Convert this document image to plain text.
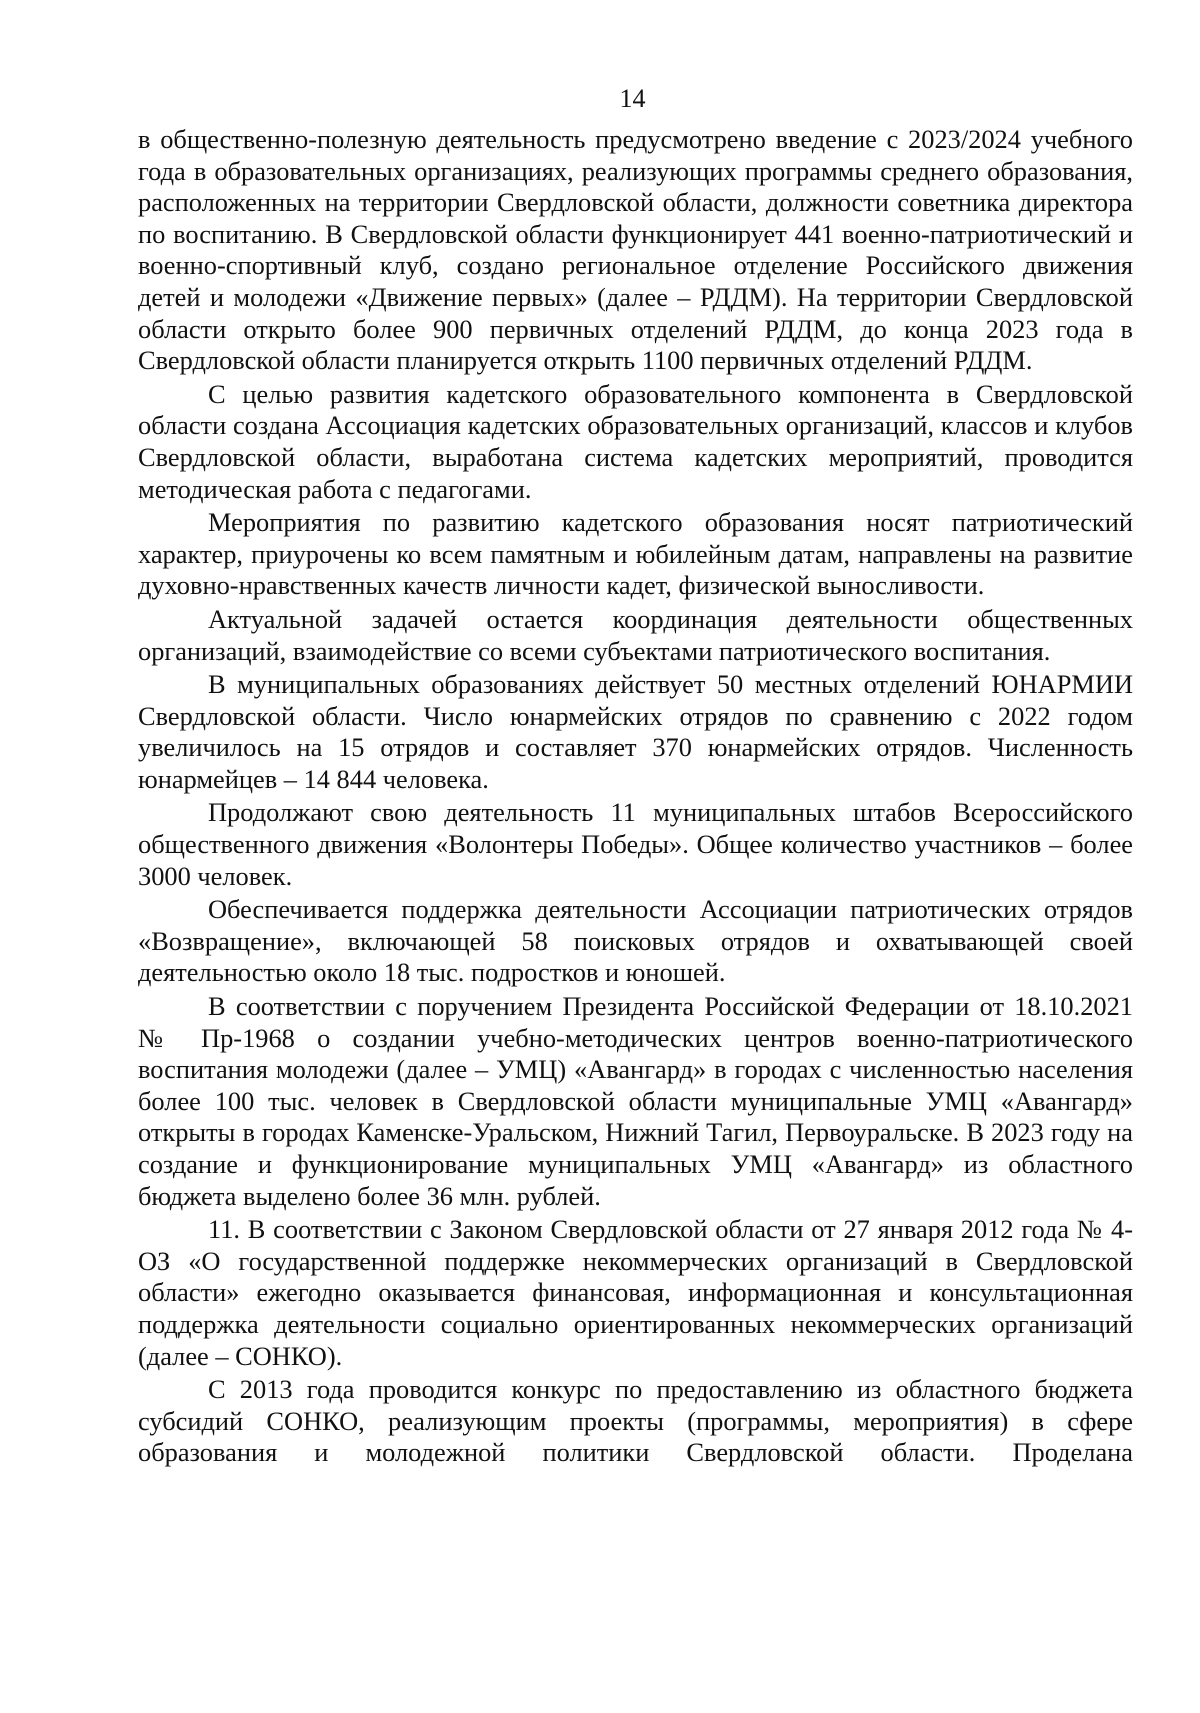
14

в общественно-полезную деятельность предусмотрено введение с 2023/2024 учебного года в образовательных организациях, реализующих программы среднего образования, расположенных на территории Свердловской области, должности советника директора по воспитанию. В Свердловской области функционирует 441 военно-патриотический и военно-спортивный клуб, создано региональное отделение Российского движения детей и молодежи «Движение первых» (далее – РДДМ). На территории Свердловской области открыто более 900 первичных отделений РДДМ, до конца 2023 года в Свердловской области планируется открыть 1100 первичных отделений РДДМ.

С целью развития кадетского образовательного компонента в Свердловской области создана Ассоциация кадетских образовательных организаций, классов и клубов Свердловской области, выработана система кадетских мероприятий, проводится методическая работа с педагогами.

Мероприятия по развитию кадетского образования носят патриотический характер, приурочены ко всем памятным и юбилейным датам, направлены на развитие духовно-нравственных качеств личности кадет, физической выносливости.

Актуальной задачей остается координация деятельности общественных организаций, взаимодействие со всеми субъектами патриотического воспитания.

В муниципальных образованиях действует 50 местных отделений ЮНАРМИИ Свердловской области. Число юнармейских отрядов по сравнению с 2022 годом увеличилось на 15 отрядов и составляет 370 юнармейских отрядов. Численность юнармейцев – 14 844 человека.

Продолжают свою деятельность 11 муниципальных штабов Всероссийского общественного движения «Волонтеры Победы». Общее количество участников – более 3000 человек.

Обеспечивается поддержка деятельности Ассоциации патриотических отрядов «Возвращение», включающей 58 поисковых отрядов и охватывающей своей деятельностью около 18 тыс. подростков и юношей.

В соответствии с поручением Президента Российской Федерации от 18.10.2021 № Пр-1968 о создании учебно-методических центров военно-патриотического воспитания молодежи (далее – УМЦ) «Авангард» в городах с численностью населения более 100 тыс. человек в Свердловской области муниципальные УМЦ «Авангард» открыты в городах Каменске-Уральском, Нижний Тагил, Первоуральске. В 2023 году на создание и функционирование муниципальных УМЦ «Авангард» из областного бюджета выделено более 36 млн. рублей.

11. В соответствии с Законом Свердловской области от 27 января 2012 года № 4-ОЗ «О государственной поддержке некоммерческих организаций в Свердловской области» ежегодно оказывается финансовая, информационная и консультационная поддержка деятельности социально ориентированных некоммерческих организаций (далее – СОНКО).

С 2013 года проводится конкурс по предоставлению из областного бюджета субсидий СОНКО, реализующим проекты (программы, мероприятия) в сфере образования и молодежной политики Свердловской области. Проделана
